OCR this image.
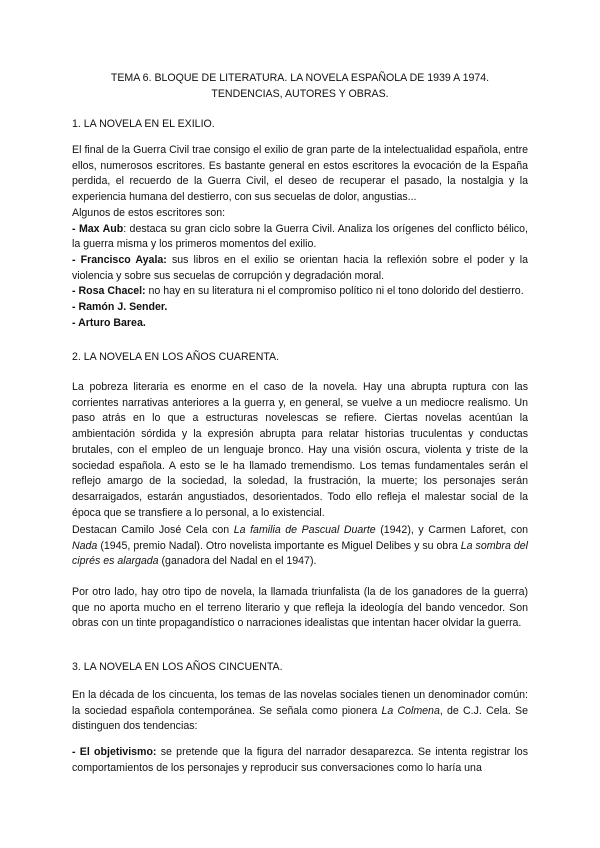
TEMA 6. BLOQUE DE LITERATURA. LA NOVELA ESPAÑOLA DE 1939 A 1974.
TENDENCIAS, AUTORES Y OBRAS.
1. LA NOVELA EN EL EXILIO.

El final de la Guerra Civil trae consigo el exilio de gran parte de la intelectualidad española, entre ellos, numerosos escritores. Es bastante general en estos escritores la evocación de la España perdida, el recuerdo de la Guerra Civil, el deseo de recuperar el pasado, la nostalgia y la experiencia humana del destierro, con sus secuelas de dolor, angustias...

Algunos de estos escritores son:

- Max Aub: destaca su gran ciclo sobre la Guerra Civil. Analiza los orígenes del conflicto bélico, la guerra misma y los primeros momentos del exilio.

- Francisco Ayala: sus libros en el exilio se orientan hacia la reflexión sobre el poder y la violencia y sobre sus secuelas de corrupción y degradación moral.

- Rosa Chacel: no hay en su literatura ni el compromiso político ni el tono dolorido del destierro.

- Ramón J. Sender.

- Arturo Barea.

2. LA NOVELA EN LOS AÑOS CUARENTA.
La pobreza literaria es enorme en el caso de la novela. Hay una abrupta ruptura con las corrientes narrativas anteriores a la guerra y, en general, se vuelve a un mediocre realismo. Un paso atrás en lo que a estructuras novelescas se refiere. Ciertas novelas acentúan la ambientación sórdida y la expresión abrupta para relatar historias truculentas y conductas brutales, con el empleo de un lenguaje bronco. Hay una visión oscura, violenta y triste de la sociedad española. A esto se le ha llamado tremendismo. Los temas fundamentales serán el reflejo amargo de la sociedad, la soledad, la frustración, la muerte; los personajes serán desarraigados, estarán angustiados, desorientados. Todo ello refleja el malestar social de la época que se transfiere a lo personal, a lo existencial.
Destacan Camilo José Cela con La familia de Pascual Duarte (1942), y Carmen Laforet, con Nada (1945, premio Nadal). Otro novelista importante es Miguel Delibes y su obra La sombra del ciprés es alargada (ganadora del Nadal en el 1947).
Por otro lado, hay otro tipo de novela, la llamada triunfalista (la de los ganadores de la guerra) que no aporta mucho en el terreno literario y que refleja la ideología del bando vencedor. Son obras con un tinte propagandístico o narraciones idealistas que intentan hacer olvidar la guerra.
3. LA NOVELA EN LOS AÑOS CINCUENTA.
En la década de los cincuenta, los temas de las novelas sociales tienen un denominador común: la sociedad española contemporánea. Se señala como pionera La Colmena, de C.J. Cela. Se distinguen dos tendencias:
- El objetivismo: se pretende que la figura del narrador desaparezca. Se intenta registrar los comportamientos de los personajes y reproducir sus conversaciones como lo haría una
